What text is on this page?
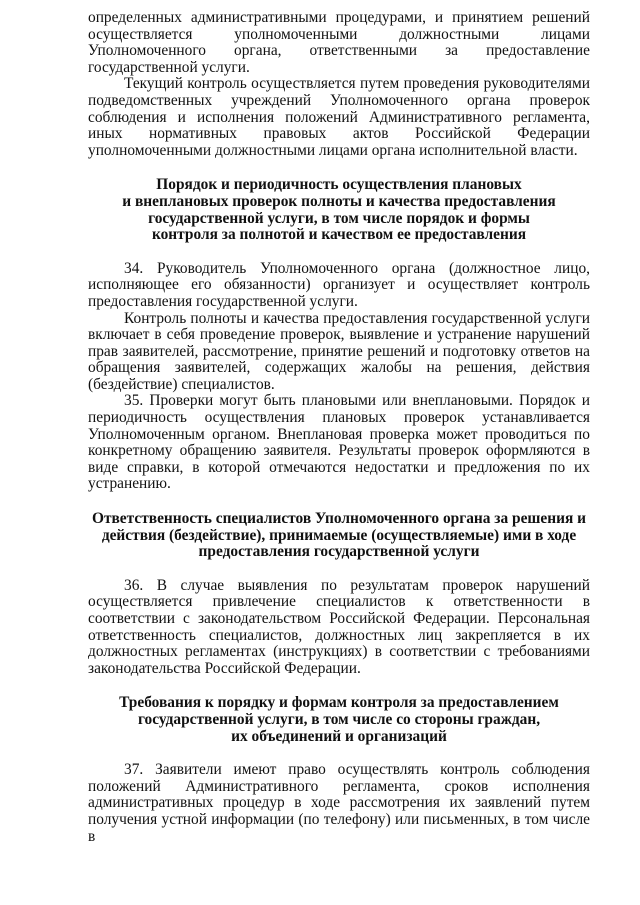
определенных административными процедурами, и принятием решений осуществляется уполномоченными должностными лицами Уполномоченного органа, ответственными за предоставление государственной услуги.

Текущий контроль осуществляется путем проведения руководителями подведомственных учреждений Уполномоченного органа проверок соблюдения и исполнения положений Административного регламента, иных нормативных правовых актов Российской Федерации уполномоченными должностными лицами органа исполнительной власти.

Порядок и периодичность осуществления плановых

и внеплановых проверок полноты и качества предоставления

государственной услуги, в том числе порядок и формы

контроля за полнотой и качеством ее предоставления

34. Руководитель Уполномоченного органа (должностное лицо, исполняющее его обязанности) организует и осуществляет контроль предоставления государственной услуги.

Контроль полноты и качества предоставления государственной услуги включает в себя проведение проверок, выявление и устранение нарушений прав заявителей, рассмотрение, принятие решений и подготовку ответов на обращения заявителей, содержащих жалобы на решения, действия (бездействие) специалистов.

35. Проверки могут быть плановыми или внеплановыми. Порядок и периодичность осуществления плановых проверок устанавливается Уполномоченным органом. Внеплановая проверка может проводиться по конкретному обращению заявителя. Результаты проверок оформляются в виде справки, в которой отмечаются недостатки и предложения по их устранению.

Ответственность специалистов Уполномоченного органа за решения и

действия (бездействие), принимаемые (осуществляемые) ими в ходе

предоставления государственной услуги

36. В случае выявления по результатам проверок нарушений осуществляется привлечение специалистов к ответственности в соответствии с законодательством Российской Федерации. Персональная ответственность специалистов, должностных лиц закрепляется в их должностных регламентах (инструкциях) в соответствии с требованиями законодательства Российской Федерации.

Требования к порядку и формам контроля за предоставлением

государственной услуги, в том числе со стороны граждан,

их объединений и организаций

37. Заявители имеют право осуществлять контроль соблюдения положений Административного регламента, сроков исполнения административных процедур в ходе рассмотрения их заявлений путем получения устной информации (по телефону) или письменных, в том числе в
